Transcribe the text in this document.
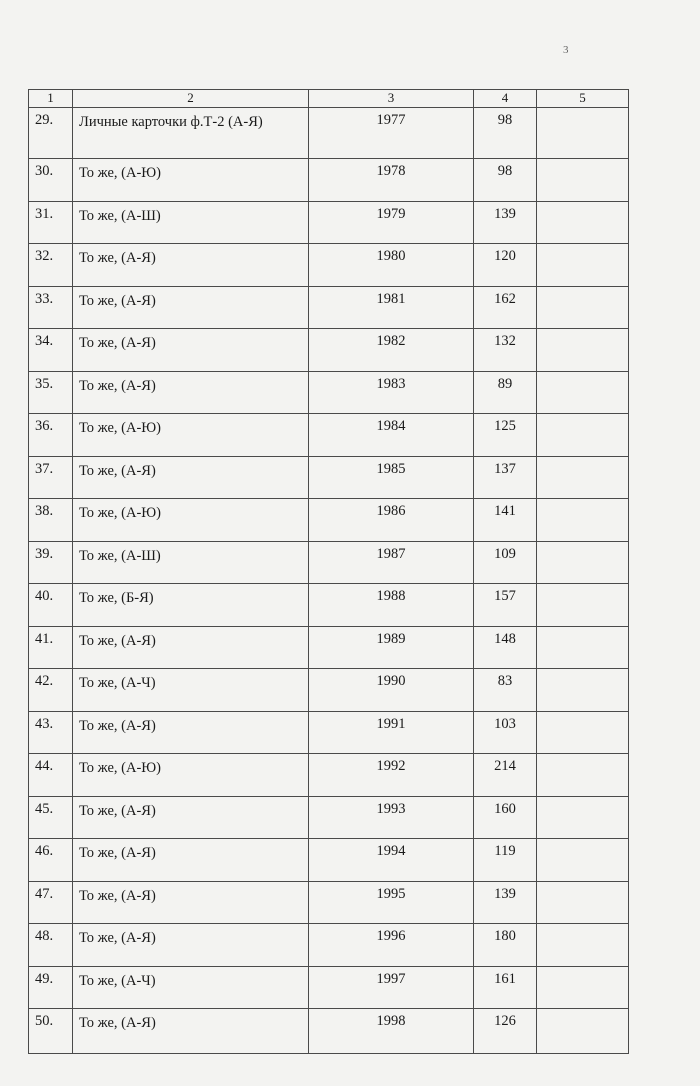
3
1	2	3	4	5
29.	Личные карточки ф.Т-2 (А-Я)	1977	98	
30.	То же, (А-Ю)	1978	98	
31.	То же, (А-Ш)	1979	139	
32.	То же, (А-Я)	1980	120	
33.	То же, (А-Я)	1981	162	
34.	То же, (А-Я)	1982	132	
35.	То же, (А-Я)	1983	89	
36.	То же, (А-Ю)	1984	125	
37.	То же, (А-Я)	1985	137	
38.	То же, (А-Ю)	1986	141	
39.	То же, (А-Ш)	1987	109	
40.	То же, (Б-Я)	1988	157	
41.	То же, (А-Я)	1989	148	
42.	То же, (А-Ч)	1990	83	
43.	То же, (А-Я)	1991	103	
44.	То же, (А-Ю)	1992	214	
45.	То же, (А-Я)	1993	160	
46.	То же, (А-Я)	1994	119	
47.	То же, (А-Я)	1995	139	
48.	То же, (А-Я)	1996	180	
49.	То же, (А-Ч)	1997	161	
50.	То же, (А-Я)	1998	126	
